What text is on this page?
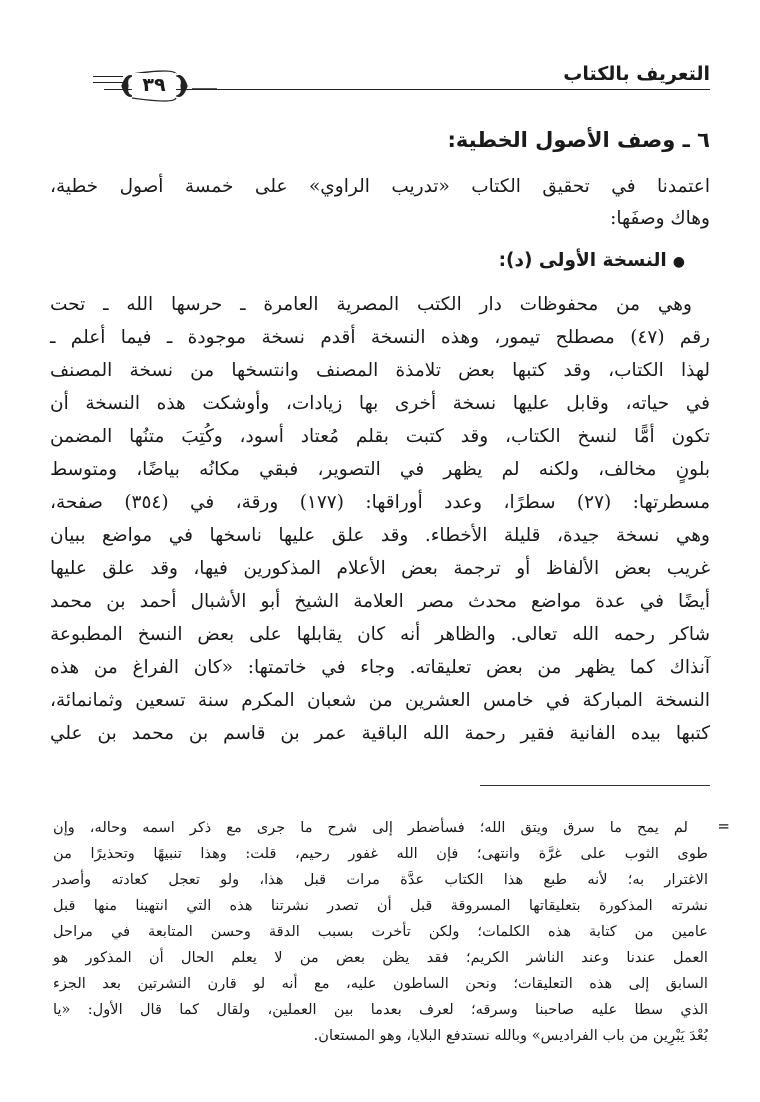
التعريف بالكتاب
٣٩
٦ ـ وصف الأصول الخطية:
اعتمدنا في تحقيق الكتاب «تدريب الراوي» على خمسة أصول خطية،
وهاك وصفَها:
●النسخة الأولى (د):
وهي من محفوظات دار الكتب المصرية العامرة ـ حرسها الله ـ تحت
رقم (٤٧) مصطلح تيمور، وهذه النسخة أقدم نسخة موجودة ـ فيما أعلم ـ
لهذا الكتاب، وقد كتبها بعض تلامذة المصنف وانتسخها من نسخة المصنف
في حياته، وقابل عليها نسخة أخرى بها زيادات، وأوشكت هذه النسخة أن
تكون أمًّا لنسخ الكتاب، وقد كتبت بقلم مُعتاد أسود، وكُتِبَ متنُها المضمن
بلونٍ مخالف، ولكنه لم يظهر في التصوير، فبقي مكانُه بياضًا، ومتوسط
مسطرتها: (٢٧) سطرًا، وعدد أوراقها: (١٧٧) ورقة، في (٣٥٤) صفحة،
وهي نسخة جيدة، قليلة الأخطاء. وقد علق عليها ناسخها في مواضع ببيان
غريب بعض الألفاظ أو ترجمة بعض الأعلام المذكورين فيها، وقد علق عليها
أيضًا في عدة مواضع محدث مصر العلامة الشيخ أبو الأشبال أحمد بن محمد
شاكر رحمه الله تعالى. والظاهر أنه كان يقابلها على بعض النسخ المطبوعة
آنذاك كما يظهر من بعض تعليقاته. وجاء في خاتمتها: «كان الفراغ من هذه
النسخة المباركة في خامس العشرين من شعبان المكرم سنة تسعين وثمانمائة،
كتبها بيده الفانية فقير رحمة الله الباقية عمر بن قاسم بن محمد بن علي
=
لم يمح ما سرق ويتق الله؛ فسأضطر إلى شرح ما جرى مع ذكر اسمه وحاله، وإن
طوى الثوب على غرَّة وانتهى؛ فإن الله غفور رحيم، قلت: وهذا تنبيهًا وتحذيرًا من
الاغترار به؛ لأنه طبع هذا الكتاب عدَّة مرات قبل هذا، ولو تعجل كعادته وأصدر
نشرته المذكورة بتعليقاتها المسروقة قبل أن تصدر نشرتنا هذه التي انتهينا منها قبل
عامين من كتابة هذه الكلمات؛ ولكن تأخرت بسبب الدقة وحسن المتابعة في مراحل
العمل عندنا وعند الناشر الكريم؛ فقد يظن بعض من لا يعلم الحال أن المذكور هو
السابق إلى هذه التعليقات؛ ونحن الساطون عليه، مع أنه لو قارن النشرتين بعد الجزء
الذي سطا عليه صاحبنا وسرقه؛ لعرف بعدما بين العملين، ولقال كما قال الأول: «يا
بُعْدَ يَبْرِين من باب الفراديس» وبالله نستدفع البلايا، وهو المستعان.
